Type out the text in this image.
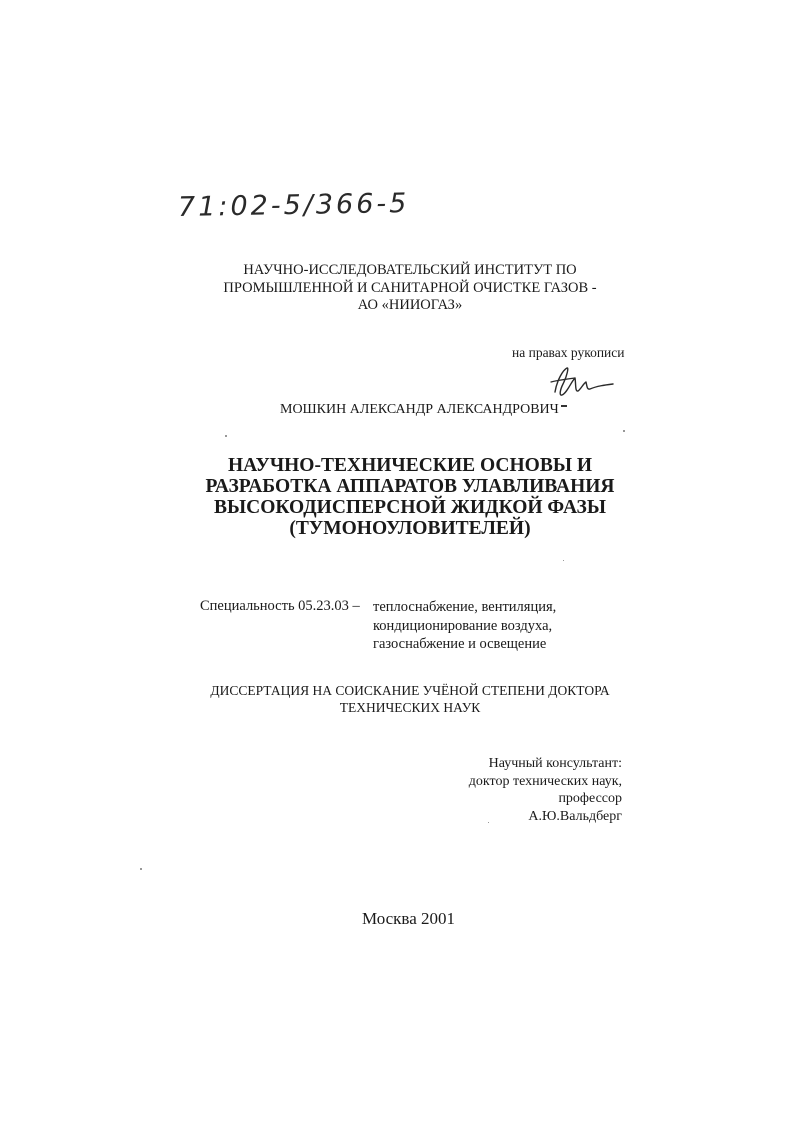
71:02-5/366-5
НАУЧНО-ИССЛЕДОВАТЕЛЬСКИЙ ИНСТИТУТ ПО
ПРОМЫШЛЕННОЙ И САНИТАРНОЙ ОЧИСТКЕ ГАЗОВ -
АО «НИИОГАЗ»
на правах рукописи
МОШКИН АЛЕКСАНДР АЛЕКСАНДРОВИЧ
НАУЧНО-ТЕХНИЧЕСКИЕ ОСНОВЫ И
РАЗРАБОТКА АППАРАТОВ УЛАВЛИВАНИЯ
ВЫСОКОДИСПЕРСНОЙ ЖИДКОЙ ФАЗЫ
(ТУМОНОУЛОВИТЕЛЕЙ)
Специальность 05.23.03 – теплоснабжение, вентиляция,
кондиционирование воздуха,
газоснабжение и освещение
ДИССЕРТАЦИЯ НА СОИСКАНИЕ УЧЁНОЙ СТЕПЕНИ ДОКТОРА
ТЕХНИЧЕСКИХ НАУК
Научный консультант:
доктор технических наук,
профессор
А.Ю.Вальдберг
Москва 2001
